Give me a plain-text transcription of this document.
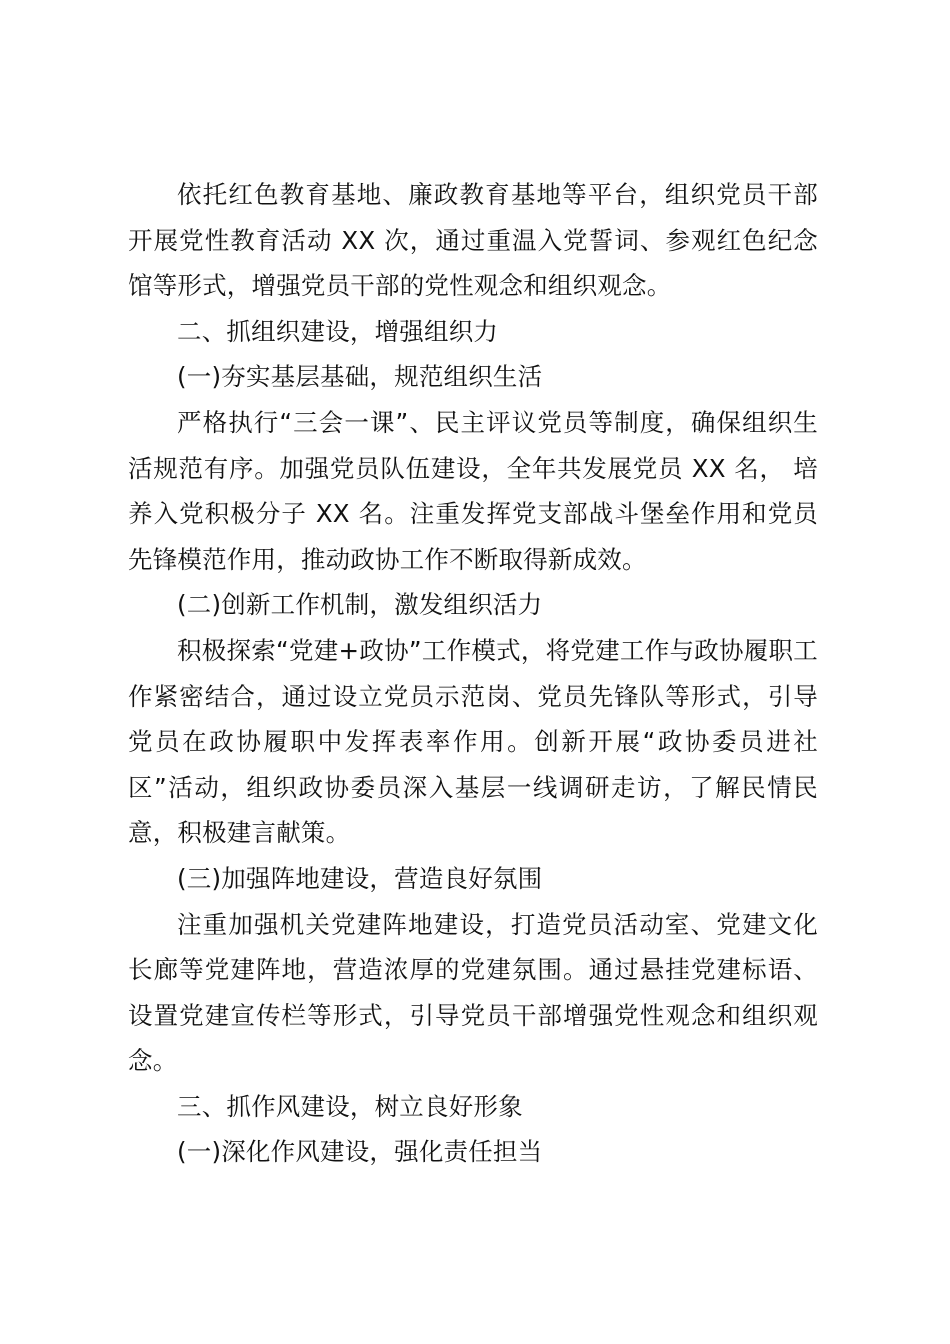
依托红色教育基地、廉政教育基地等平台，组织党员干部开展党性教育活动 XX 次，通过重温入党誓词、参观红色纪念馆等形式，增强党员干部的党性观念和组织观念。

二、抓组织建设，增强组织力

(一)夯实基层基础，规范组织生活

严格执行“三会一课”、民主评议党员等制度，确保组织生活规范有序。加强党员队伍建设，全年共发展党员 XX 名， 培养入党积极分子 XX 名。注重发挥党支部战斗堡垒作用和党员先锋模范作用，推动政协工作不断取得新成效。

(二)创新工作机制，激发组织活力

积极探索“党建+政协”工作模式，将党建工作与政协履职工作紧密结合，通过设立党员示范岗、党员先锋队等形式，引导党员在政协履职中发挥表率作用。创新开展“政协委员进社区”活动，组织政协委员深入基层一线调研走访，了解民情民意，积极建言献策。

(三)加强阵地建设，营造良好氛围

注重加强机关党建阵地建设，打造党员活动室、党建文化长廊等党建阵地，营造浓厚的党建氛围。通过悬挂党建标语、设置党建宣传栏等形式，引导党员干部增强党性观念和组织观念。

三、抓作风建设，树立良好形象

(一)深化作风建设，强化责任担当
